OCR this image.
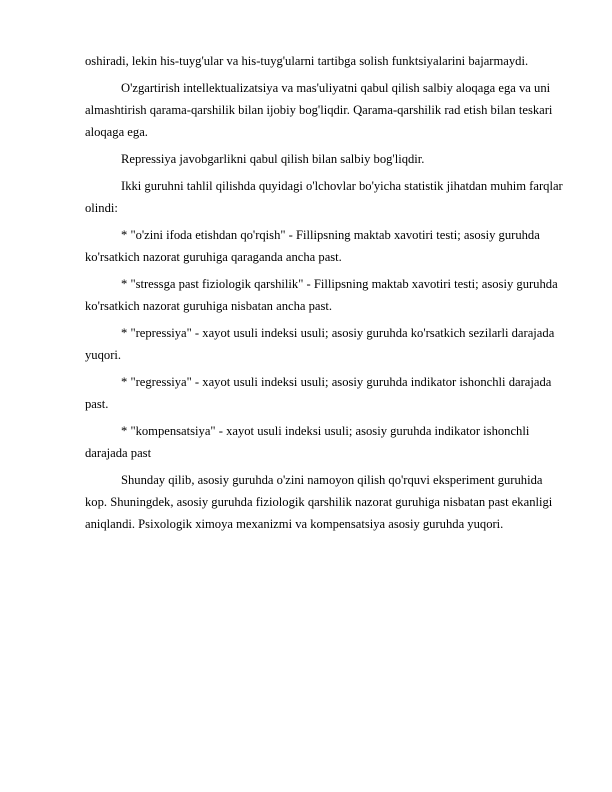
oshiradi, lekin his-tuyg'ular va his-tuyg'ularni tartibga solish funktsiyalarini bajarmaydi.

O'zgartirish intellektualizatsiya va mas'uliyatni qabul qilish salbiy aloqaga ega va uni almashtirish qarama-qarshilik bilan ijobiy bog'liqdir. Qarama-qarshilik rad etish bilan teskari aloqaga ega.

Repressiya javobgarlikni qabul qilish bilan salbiy bog'liqdir.

Ikki guruhni tahlil qilishda quyidagi o'lchovlar bo'yicha statistik jihatdan muhim farqlar olindi:

* "o'zini ifoda etishdan qo'rqish" - Fillipsning maktab xavotiri testi; asosiy guruhda ko'rsatkich nazorat guruhiga qaraganda ancha past.

* "stressga past fiziologik qarshilik" - Fillipsning maktab xavotiri testi; asosiy guruhda ko'rsatkich nazorat guruhiga nisbatan ancha past.

* "repressiya" - xayot usuli indeksi usuli; asosiy guruhda ko'rsatkich sezilarli darajada yuqori.

* "regressiya" - xayot usuli indeksi usuli; asosiy guruhda indikator ishonchli darajada past.

* "kompensatsiya" - xayot usuli indeksi usuli; asosiy guruhda indikator ishonchli darajada past

Shunday qilib, asosiy guruhda o'zini namoyon qilish qo'rquvi eksperiment guruhida kop. Shuningdek, asosiy guruhda fiziologik qarshilik nazorat guruhiga nisbatan past ekanligi aniqlandi. Psixologik ximoya mexanizmi va kompensatsiya asosiy guruhda yuqori.
